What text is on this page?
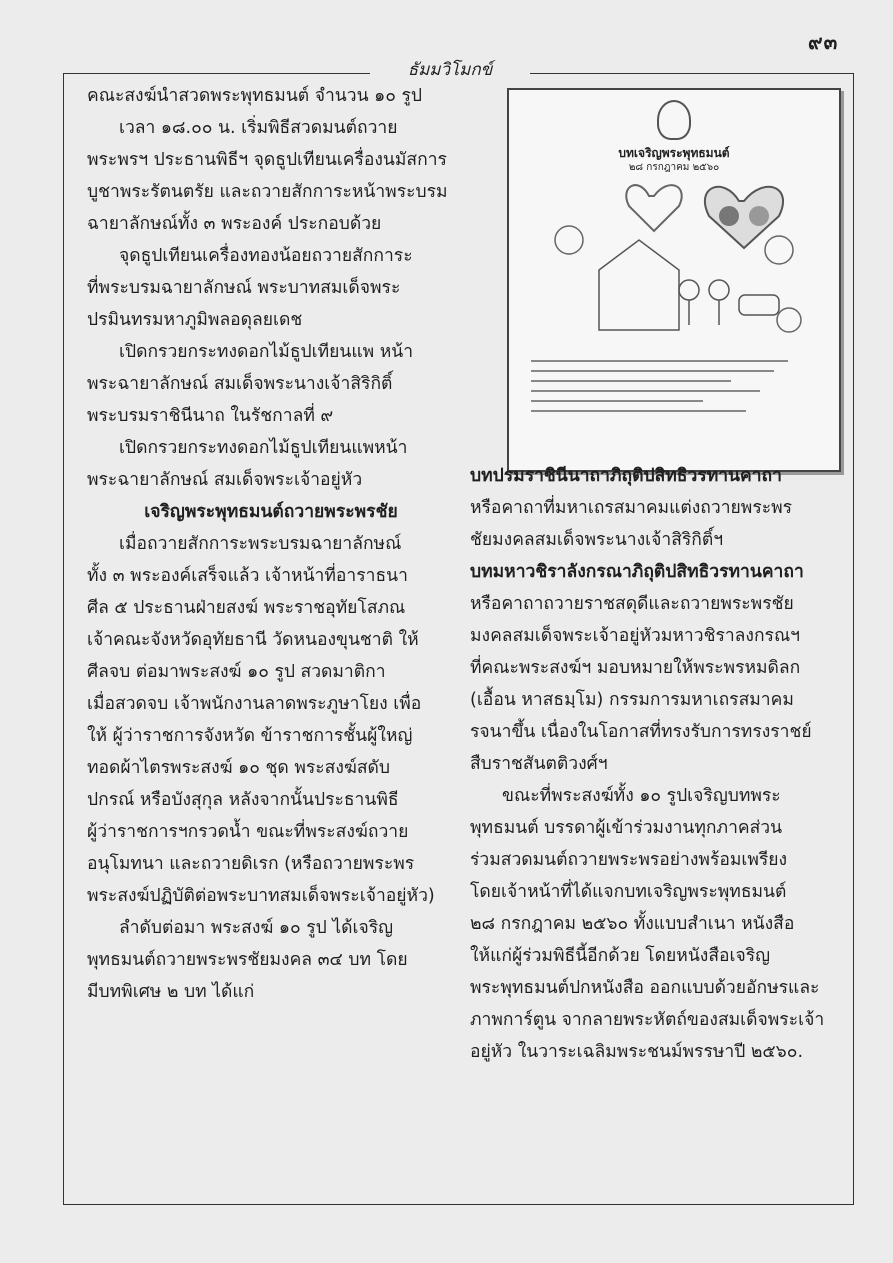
๙๓
ธัมมวิโมกข์
บทเจริญพระพุทธมนต์
๒๘ กรกฎาคม ๒๕๖๐
คณะสงฆ์นำสวดพระพุทธมนต์ จำนวน ๑๐ รูป
เวลา ๑๘.๐๐ น. เริ่มพิธีสวดมนต์ถวาย
พระพรฯ ประธานพิธีฯ จุดธูปเทียนเครื่องนมัสการ
บูชาพระรัตนตรัย และถวายสักการะหน้าพระบรม
ฉายาลักษณ์ทั้ง ๓ พระองค์ ประกอบด้วย
จุดธูปเทียนเครื่องทองน้อยถวายสักการะ
ที่พระบรมฉายาลักษณ์ พระบาทสมเด็จพระ
ปรมินทรมหาภูมิพลอดุลยเดช
เปิดกรวยกระทงดอกไม้ธูปเทียนแพ หน้า
พระฉายาลักษณ์ สมเด็จพระนางเจ้าสิริกิติ์
พระบรมราชินีนาถ ในรัชกาลที่ ๙
เปิดกรวยกระทงดอกไม้ธูปเทียนแพหน้า
พระฉายาลักษณ์ สมเด็จพระเจ้าอยู่หัว
เจริญพระพุทธมนต์ถวายพระพรชัย
เมื่อถวายสักการะพระบรมฉายาลักษณ์
ทั้ง ๓ พระองค์เสร็จแล้ว เจ้าหน้าที่อาราธนา
ศีล ๕ ประธานฝ่ายสงฆ์ พระราชอุทัยโสภณ
เจ้าคณะจังหวัดอุทัยธานี วัดหนองขุนชาติ ให้
ศีลจบ ต่อมาพระสงฆ์ ๑๐ รูป สวดมาติกา
เมื่อสวดจบ เจ้าพนักงานลาดพระภูษาโยง เพื่อ
ให้ ผู้ว่าราชการจังหวัด ข้าราชการชั้นผู้ใหญ่
ทอดผ้าไตรพระสงฆ์ ๑๐ ชุด พระสงฆ์สดับ
ปกรณ์ หรือบังสุกุล หลังจากนั้นประธานพิธี
ผู้ว่าราชการฯกรวดน้ำ ขณะที่พระสงฆ์ถวาย
อนุโมทนา และถวายดิเรก (หรือถวายพระพร
พระสงฆ์ปฏิบัติต่อพระบาทสมเด็จพระเจ้าอยู่หัว)
ลำดับต่อมา พระสงฆ์ ๑๐ รูป ได้เจริญ
พุทธมนต์ถวายพระพรชัยมงคล ๓๔ บท โดย
มีบทพิเศษ ๒ บท ได้แก่
บทปรมราชินีนาถาภิถุติปสิทธิวรทานคาถา
หรือคาถาที่มหาเถรสมาคมแต่งถวายพระพร
ชัยมงคลสมเด็จพระนางเจ้าสิริกิติ์ฯ
บทมหาวชิราลังกรณาภิถุติปสิทธิวรทานคาถา
หรือคาถาถวายราชสดุดีและถวายพระพรชัย
มงคลสมเด็จพระเจ้าอยู่หัวมหาวชิราลงกรณฯ
ที่คณะพระสงฆ์ฯ มอบหมายให้พระพรหมดิลก
(เอื้อน หาสธมฺโม) กรรมการมหาเถรสมาคม
รจนาขึ้น เนื่องในโอกาสที่ทรงรับการทรงราชย์
สืบราชสันตติวงศ์ฯ
ขณะที่พระสงฆ์ทั้ง ๑๐ รูปเจริญบทพระ
พุทธมนต์ บรรดาผู้เข้าร่วมงานทุกภาคส่วน
ร่วมสวดมนต์ถวายพระพรอย่างพร้อมเพรียง
โดยเจ้าหน้าที่ได้แจกบทเจริญพระพุทธมนต์
๒๘ กรกฎาคม ๒๕๖๐ ทั้งแบบสำเนา หนังสือ
ให้แก่ผู้ร่วมพิธีนี้อีกด้วย โดยหนังสือเจริญ
พระพุทธมนต์ปกหนังสือ ออกแบบด้วยอักษรและ
ภาพการ์ตูน จากลายพระหัตถ์ของสมเด็จพระเจ้า
อยู่หัว ในวาระเฉลิมพระชนม์พรรษาปี ๒๕๖๐.
